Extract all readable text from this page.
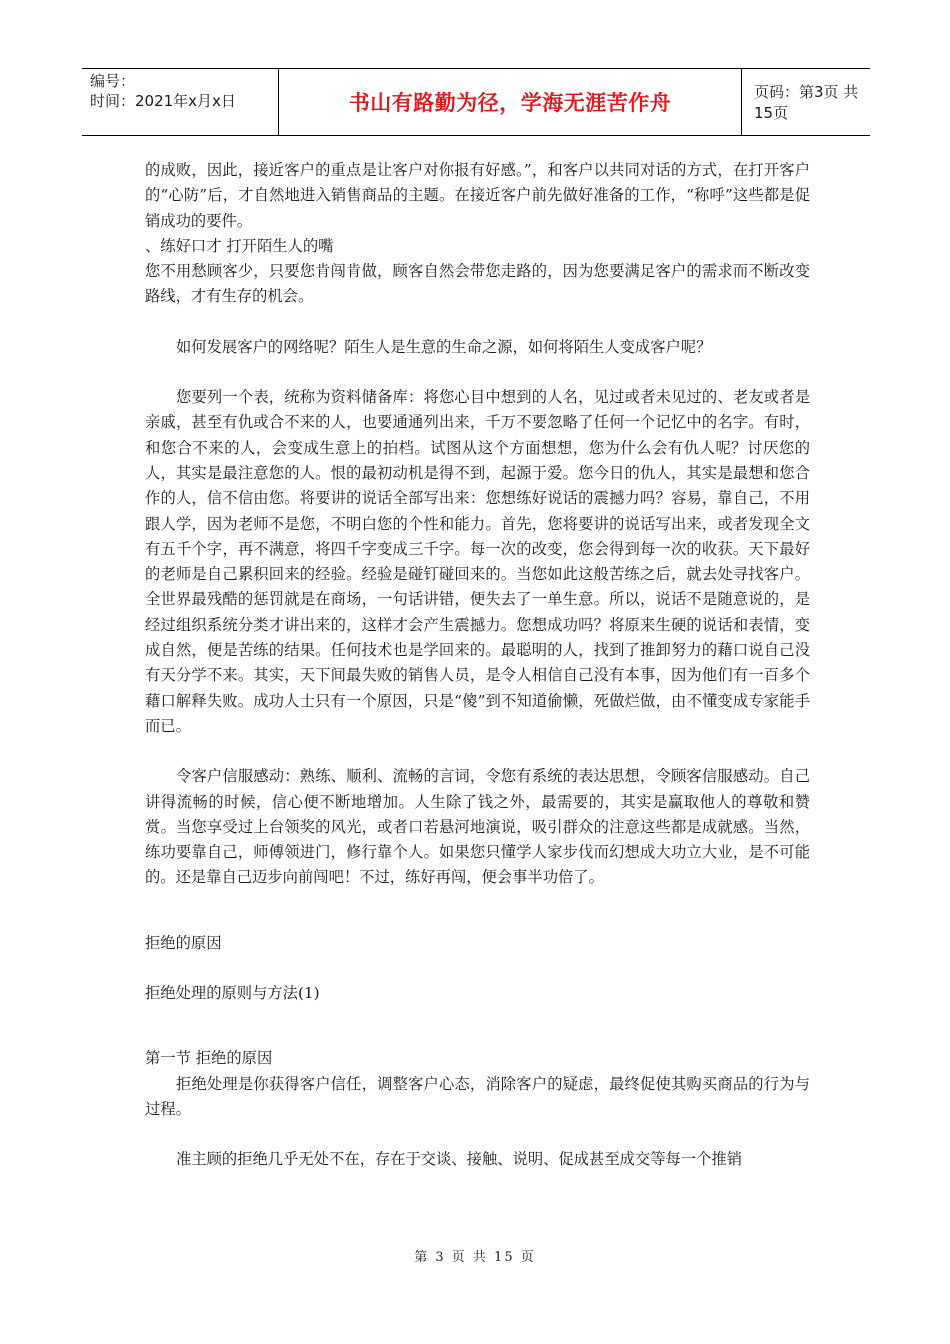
编号：
时间：2021年x月x日	书山有路勤为径，学海无涯苦作舟	页码：第3页 共15页

的成败，因此，接近客户的重点是让客户对你报有好感。”，和客户以共同对话的方式，在打开客户的“心防”后，才自然地进入销售商品的主题。在接近客户前先做好准备的工作，“称呼”这些都是促销成功的要件。

、练好口才 打开陌生人的嘴

您不用愁顾客少，只要您肯闯肯做，顾客自然会带您走路的，因为您要满足客户的需求而不断改变路线，才有生存的机会。

如何发展客户的网络呢？陌生人是生意的生命之源，如何将陌生人变成客户呢？

您要列一个表，统称为资料储备库：将您心目中想到的人名，见过或者未见过的、老友或者是亲戚，甚至有仇或合不来的人，也要通通列出来，千万不要忽略了任何一个记忆中的名字。有时，和您合不来的人，会变成生意上的拍档。试图从这个方面想想，您为什么会有仇人呢？讨厌您的人，其实是最注意您的人。恨的最初动机是得不到，起源于爱。您今日的仇人，其实是最想和您合作的人，信不信由您。将要讲的说话全部写出来：您想练好说话的震撼力吗？容易，靠自己，不用跟人学，因为老师不是您，不明白您的个性和能力。首先，您将要讲的说话写出来，或者发现全文有五千个字，再不满意，将四千字变成三千字。每一次的改变，您会得到每一次的收获。天下最好的老师是自己累积回来的经验。经验是碰钉碰回来的。当您如此这般苦练之后，就去处寻找客户。 全世界最残酷的惩罚就是在商场，一句话讲错，便失去了一单生意。所以，说话不是随意说的，是经过组织系统分类才讲出来的，这样才会产生震撼力。您想成功吗？将原来生硬的说话和表情，变成自然，便是苦练的结果。任何技术也是学回来的。最聪明的人，找到了推卸努力的藉口说自己没有天分学不来。其实，天下间最失败的销售人员，是令人相信自己没有本事，因为他们有一百多个藉口解释失败。成功人士只有一个原因，只是“傻”到不知道偷懒，死做烂做，由不懂变成专家能手而已。

令客户信服感动：熟练、顺利、流畅的言词，令您有系统的表达思想，令顾客信服感动。自己讲得流畅的时候，信心便不断地增加。人生除了钱之外，最需要的，其实是赢取他人的尊敬和赞赏。当您享受过上台领奖的风光，或者口若悬河地演说，吸引群众的注意这些都是成就感。当然，练功要靠自己，师傅领进门，修行靠个人。如果您只懂学人家步伐而幻想成大功立大业，是不可能的。还是靠自己迈步向前闯吧！不过，练好再闯，便会事半功倍了。

拒绝的原因

拒绝处理的原则与方法(1)

第一节 拒绝的原因

拒绝处理是你获得客户信任，调整客户心态，消除客户的疑虑，最终促使其购买商品的行为与过程。

准主顾的拒绝几乎无处不在，存在于交谈、接触、说明、促成甚至成交等每一个推销

第 3 页 共 15 页
